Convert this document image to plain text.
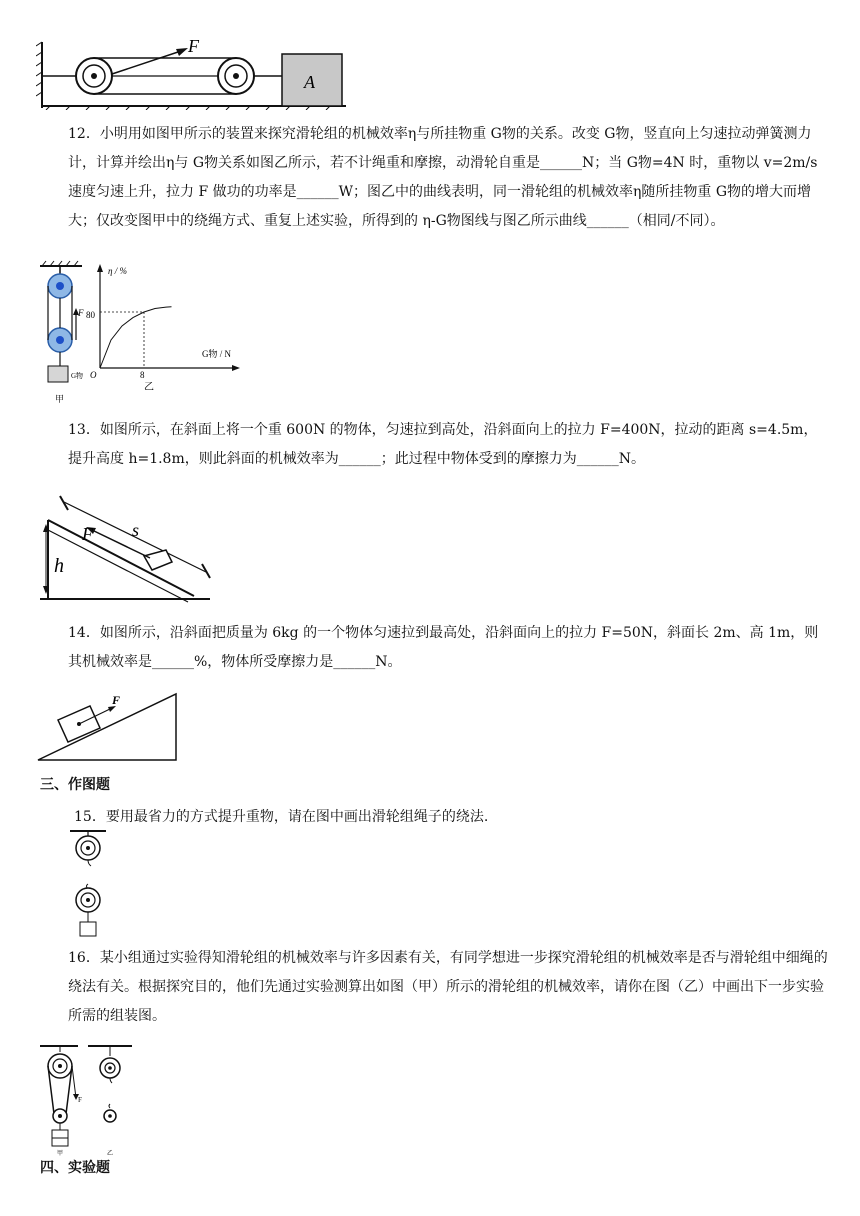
F
A
12．小明用如图甲所示的装置来探究滑轮组的机械效率η与所挂物重 G物的关系。改变 G物，竖直向上匀速拉动弹簧测力计，计算并绘出η与 G物关系如图乙所示，若不计绳重和摩擦，动滑轮自重是______N；当 G物=4N 时，重物以 v=2m/s 速度匀速上升，拉力 F 做功的功率是______W；图乙中的曲线表明，同一滑轮组的机械效率η随所挂物重 G物的增大而增大；仅改变图甲中的绕绳方式、重复上述实验，所得到的 η-G物图线与图乙所示曲线______（相同/不同）。
F
G物
甲
η / %
G物 / N
O
80
8
乙
13．如图所示，在斜面上将一个重 600N 的物体，匀速拉到高处，沿斜面向上的拉力 F=400N，拉动的距离 s=4.5m，提升高度 h=1.8m，则此斜面的机械效率为______；此过程中物体受到的摩擦力为______N。
h
s
F
14．如图所示，沿斜面把质量为 6kg 的一个物体匀速拉到最高处，沿斜面向上的拉力 F=50N，斜面长 2m、高 1m，则其机械效率是______%，物体所受摩擦力是______N。
F
三、作图题
15．要用最省力的方式提升重物，请在图中画出滑轮组绳子的绕法.
16．某小组通过实验得知滑轮组的机械效率与许多因素有关，有同学想进一步探究滑轮组的机械效率是否与滑轮组中细绳的绕法有关。根据探究目的，他们先通过实验测算出如图（甲）所示的滑轮组的机械效率，请你在图（乙）中画出下一步实验所需的组装图。
F
甲	乙
四、实验题
